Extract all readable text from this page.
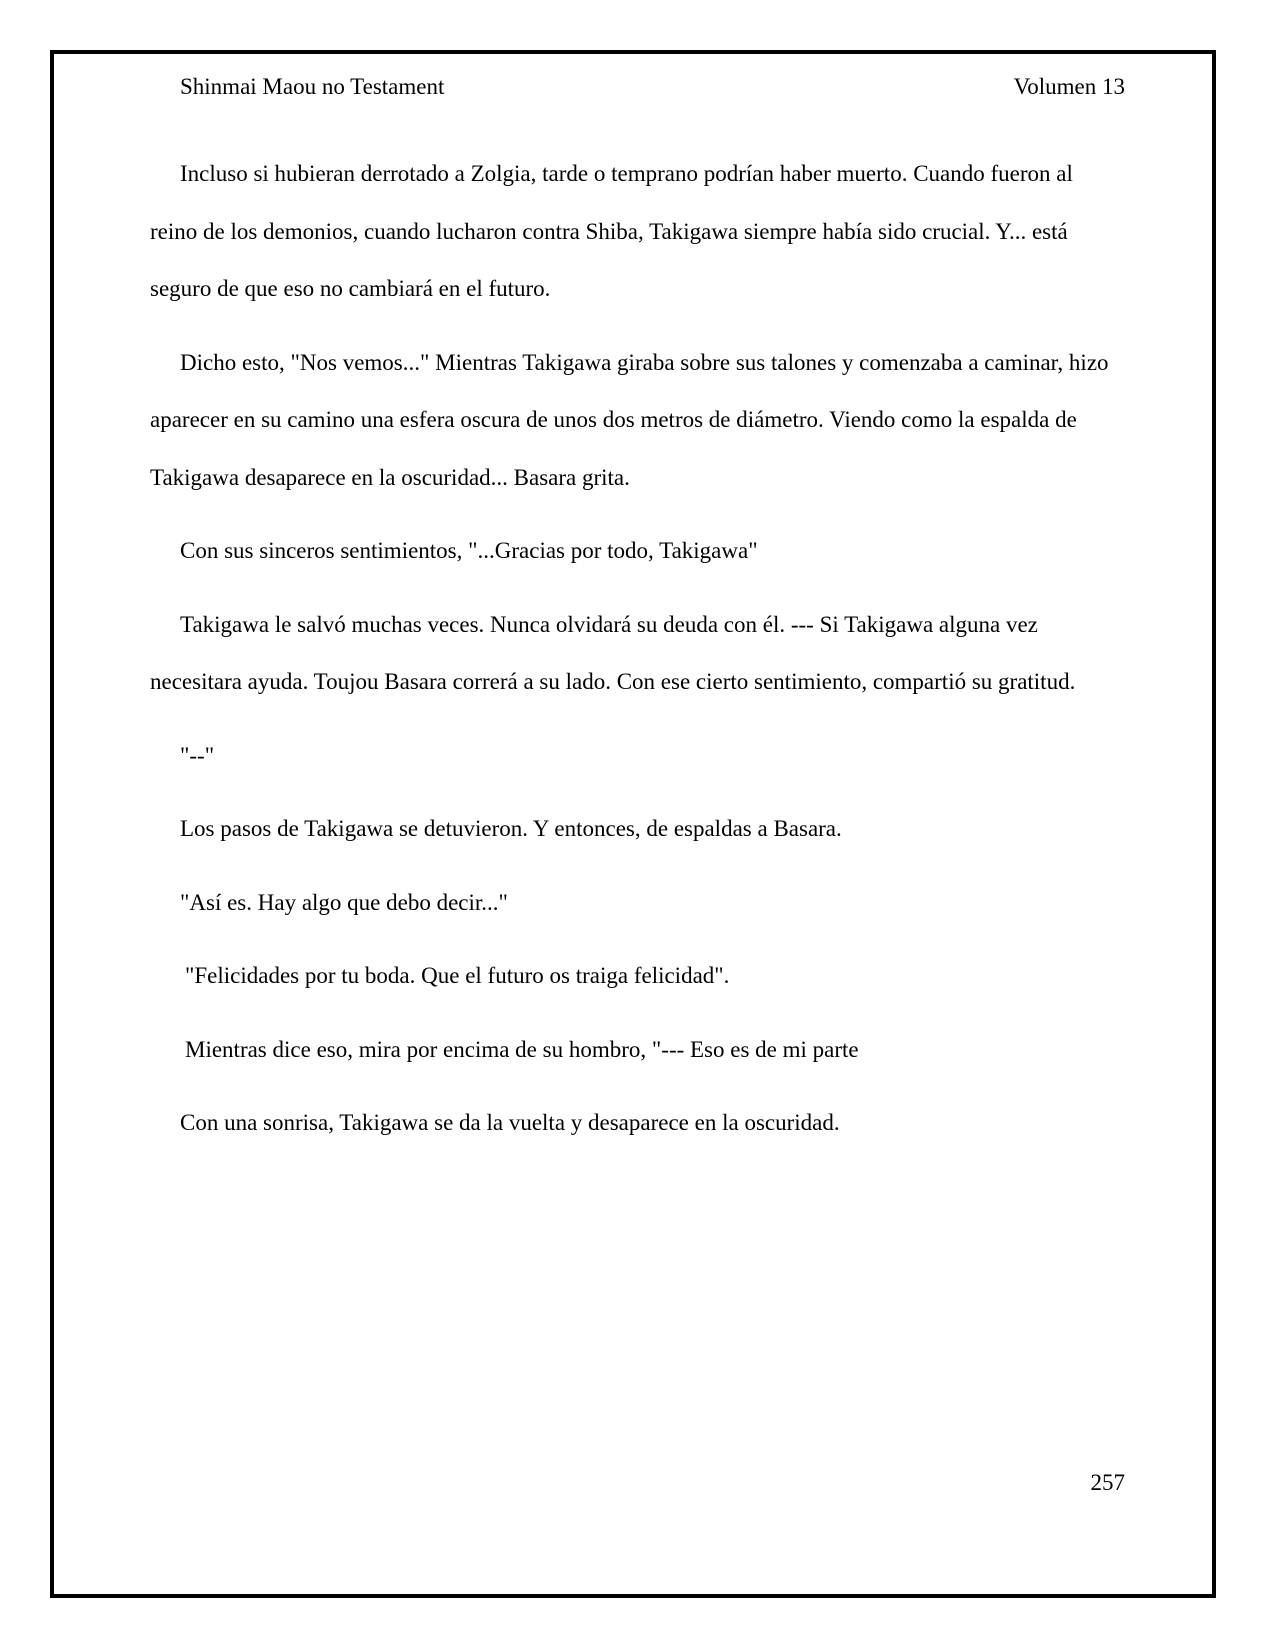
Shinmai Maou no Testament	Volumen 13

Incluso si hubieran derrotado a Zolgia, tarde o temprano podrían haber muerto. Cuando fueron al reino de los demonios, cuando lucharon contra Shiba, Takigawa siempre había sido crucial. Y... está seguro de que eso no cambiará en el futuro.

Dicho esto, "Nos vemos..." Mientras Takigawa giraba sobre sus talones y comenzaba a caminar, hizo aparecer en su camino una esfera oscura de unos dos metros de diámetro. Viendo como la espalda de Takigawa desaparece en la oscuridad... Basara grita.

Con sus sinceros sentimientos, "...Gracias por todo, Takigawa"

Takigawa le salvó muchas veces. Nunca olvidará su deuda con él. --- Si Takigawa alguna vez necesitara ayuda. Toujou Basara correrá a su lado. Con ese cierto sentimiento, compartió su gratitud.

"--"

Los pasos de Takigawa se detuvieron. Y entonces, de espaldas a Basara.

"Así es. Hay algo que debo decir..."

"Felicidades por tu boda. Que el futuro os traiga felicidad".

Mientras dice eso, mira por encima de su hombro, "--- Eso es de mi parte

Con una sonrisa, Takigawa se da la vuelta y desaparece en la oscuridad.

257
